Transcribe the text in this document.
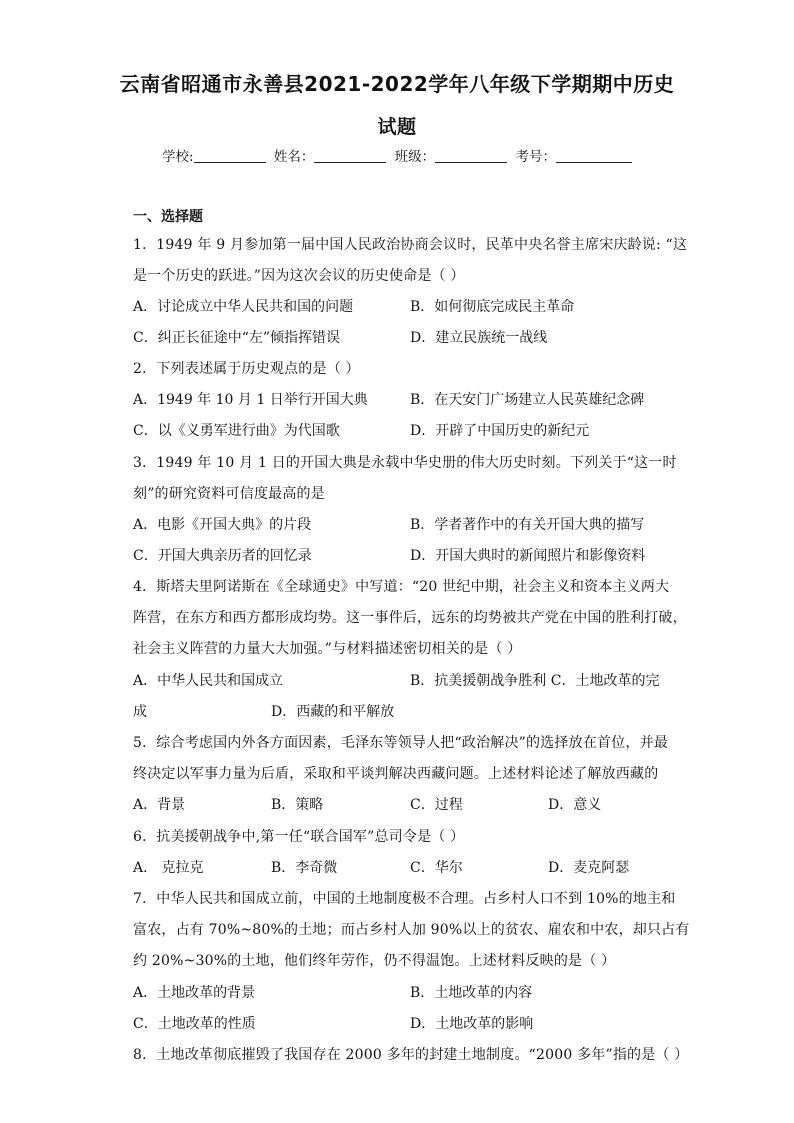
云南省昭通市永善县2021-2022学年八年级下学期期中历史
试题
学校:	姓名：	班级：	考号：
一、选择题
1．1949 年 9 月参加第一届中国人民政治协商会议时，民革中央名誉主席宋庆龄说: “这
是一个历史的跃进。”因为这次会议的历史使命是（ ）
A．讨论成立中华人民共和国的问题	B．如何彻底完成民主革命
C．纠正长征途中“左”倾指挥错误	D．建立民族统一战线
2．下列表述属于历史观点的是（ ）
A．1949 年 10 月 1 日举行开国大典	B．在天安门广场建立人民英雄纪念碑
C．以《义勇军进行曲》为代国歌	D．开辟了中国历史的新纪元
3．1949 年 10 月 1 日的开国大典是永载中华史册的伟大历史时刻。下列关于“这一时
刻”的研究资料可信度最高的是
A．电影《开国大典》的片段	B．学者著作中的有关开国大典的描写
C．开国大典亲历者的回忆录	D．开国大典时的新闻照片和影像资料
4．斯塔夫里阿诺斯在《全球通史》中写道：“20 世纪中期，社会主义和资本主义两大
阵营，在东方和西方都形成均势。这一事件后，远东的均势被共产党在中国的胜利打破，
社会主义阵营的力量大大加强。”与材料描述密切相关的是（ ）
A．中华人民共和国成立	B．抗美援朝战争胜利 C．土地改革的完
成	D．西藏的和平解放
5．综合考虑国内外各方面因素，毛泽东等领导人把“政治解决”的选择放在首位，并最
终决定以军事力量为后盾，采取和平谈判解决西藏问题。上述材料论述了解放西藏的
A．背景	B．策略	C．过程	D．意义
6．抗美援朝战争中,第一任“联合国军”总司令是（ ）
A． 克拉克	B．李奇微	C．华尔	D．麦克阿瑟
7．中华人民共和国成立前，中国的土地制度极不合理。占乡村人口不到 10%的地主和
富农，占有 70%~80%的土地；而占乡村人加 90%以上的贫农、雇农和中农，却只占有
约 20%~30%的土地，他们终年劳作，仍不得温饱。上述材料反映的是（ ）
A．土地改革的背景	B．土地改革的内容
C．土地改革的性质	D．土地改革的影响
8．土地改革彻底摧毁了我国存在 2000 多年的封建土地制度。“2000 多年”指的是（ ）
